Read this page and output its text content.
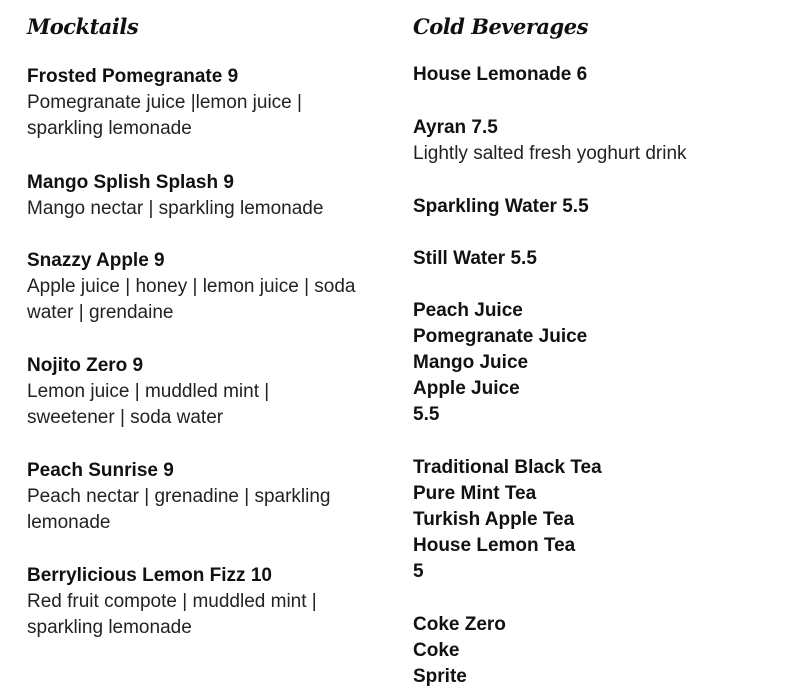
Mocktails	Cold Beverages
Frosted Pomegranate 9
Pomegranate juice |lemon juice | sparkling lemonade
Mango Splish Splash 9
Mango nectar | sparkling lemonade
Snazzy Apple 9
Apple juice | honey | lemon juice | soda water | grendaine
Nojito Zero 9
Lemon juice | muddled mint | sweetener | soda water
Peach Sunrise 9
Peach nectar | grenadine | sparkling lemonade
Berrylicious Lemon Fizz 10
Red fruit compote | muddled mint | sparkling lemonade
House Lemonade 6
Ayran 7.5
Lightly salted fresh yoghurt drink
Sparkling Water 5.5
Still Water 5.5
Peach Juice
Pomegranate Juice
Mango Juice
Apple Juice
5.5
Traditional Black Tea
Pure Mint Tea
Turkish Apple Tea
House Lemon Tea
5
Coke Zero
Coke
Sprite
